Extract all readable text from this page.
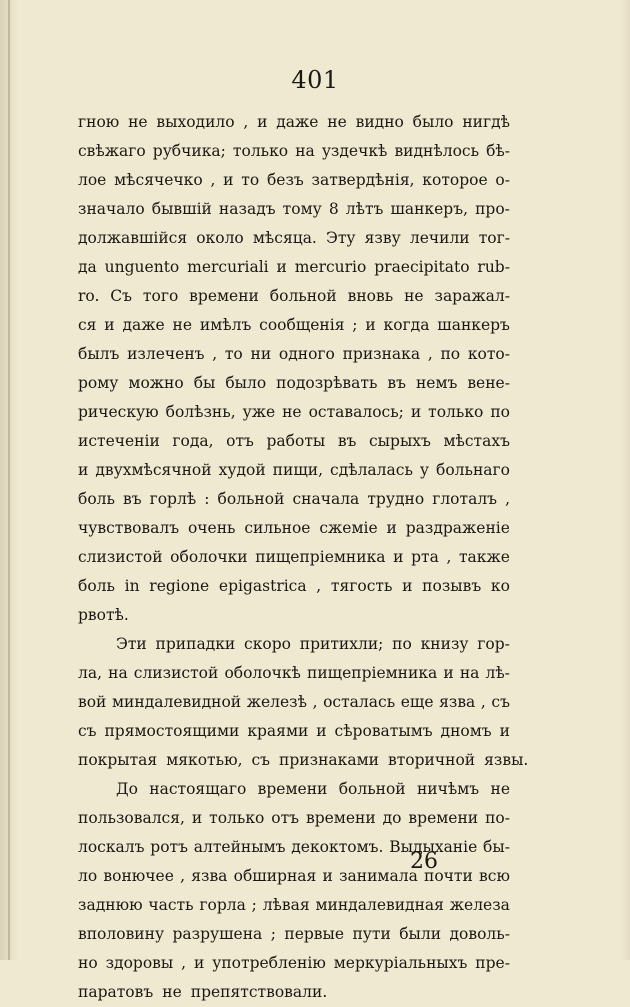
401
гною не выходило , и даже не видно было нигдѣ
свѣжаго рубчика; только на уздечкѣ виднѣлось бѣ-
лое мѣсячечко , и то безъ затвердѣнія, которое о-
значало бывшій назадъ тому 8 лѣтъ шанкеръ, про-
должавшійся около мѣсяца. Эту язву лечили тог-
да unguento mercuriali и mercurio praecipitato rub-
ro. Съ того времени больной вновь не заражал-
ся и даже не имѣлъ сообщенія ; и когда шанкеръ
былъ излеченъ , то ни одного признака , по кото-
рому можно бы было подозрѣвать въ немъ вене-
рическую болѣзнь, уже не оставалось; и только по
истеченіи года, отъ работы въ сырыхъ мѣстахъ
и двухмѣсячной худой пищи, сдѣлалась у больнаго
боль въ горлѣ : больной сначала трудно глоталъ ,
чувствовалъ очень сильное сжеміе и раздраженіе
слизистой оболочки пищепріемника и рта , также
боль in regione epigastrica , тягость и позывъ ко
рвотѣ.
Эти припадки скоро притихли; по книзу гор-
ла, на слизистой оболочкѣ пищепріемника и на лѣ-
вой миндалевидной железѣ , осталась еще язва , съ
съ прямостоящими краями и сѣроватымъ дномъ и
покрытая мякотью, съ признаками вторичной язвы.
До настоящаго времени больной ничѣмъ не
пользовался, и только отъ времени до времени по-
лоскалъ ротъ алтейнымъ декоктомъ. Выдыханіе бы-
ло вонючее , язва обширная и занимала почти всю
заднюю часть горла ; лѣвая миндалевидная железа
вполовину разрушена ; первые пути были доволь-
но здоровы , и употребленію меркуріальныхъ пре-
паратовъ не препятствовали.
26
